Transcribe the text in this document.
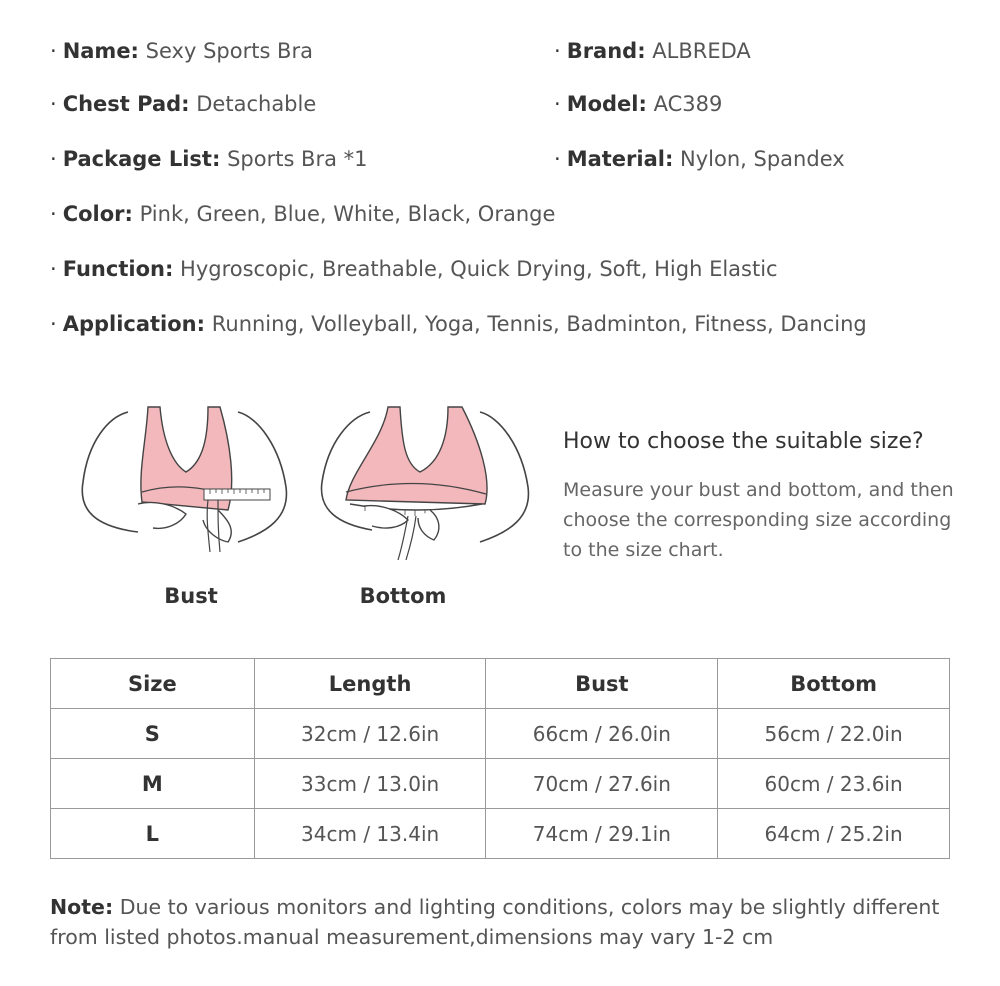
· Name: Sexy Sports Bra	· Brand: ALBREDA
· Chest Pad: Detachable	· Model: AC389
· Package List: Sports Bra *1	· Material: Nylon, Spandex
· Color: Pink, Green, Blue, White, Black, Orange
· Function: Hygroscopic, Breathable, Quick Drying, Soft, High Elastic
· Application: Running, Volleyball, Yoga, Tennis, Badminton, Fitness, Dancing
Bust	Bottom
How to choose the suitable size?
Measure your bust and bottom, and then choose the corresponding size according to the size chart.
Size	Length	Bust	Bottom
S	32cm / 12.6in	66cm / 26.0in	56cm / 22.0in
M	33cm / 13.0in	70cm / 27.6in	60cm / 23.6in
L	34cm / 13.4in	74cm / 29.1in	64cm / 25.2in
Note: Due to various monitors and lighting conditions, colors may be slightly different from listed photos.manual measurement,dimensions may vary 1-2 cm
